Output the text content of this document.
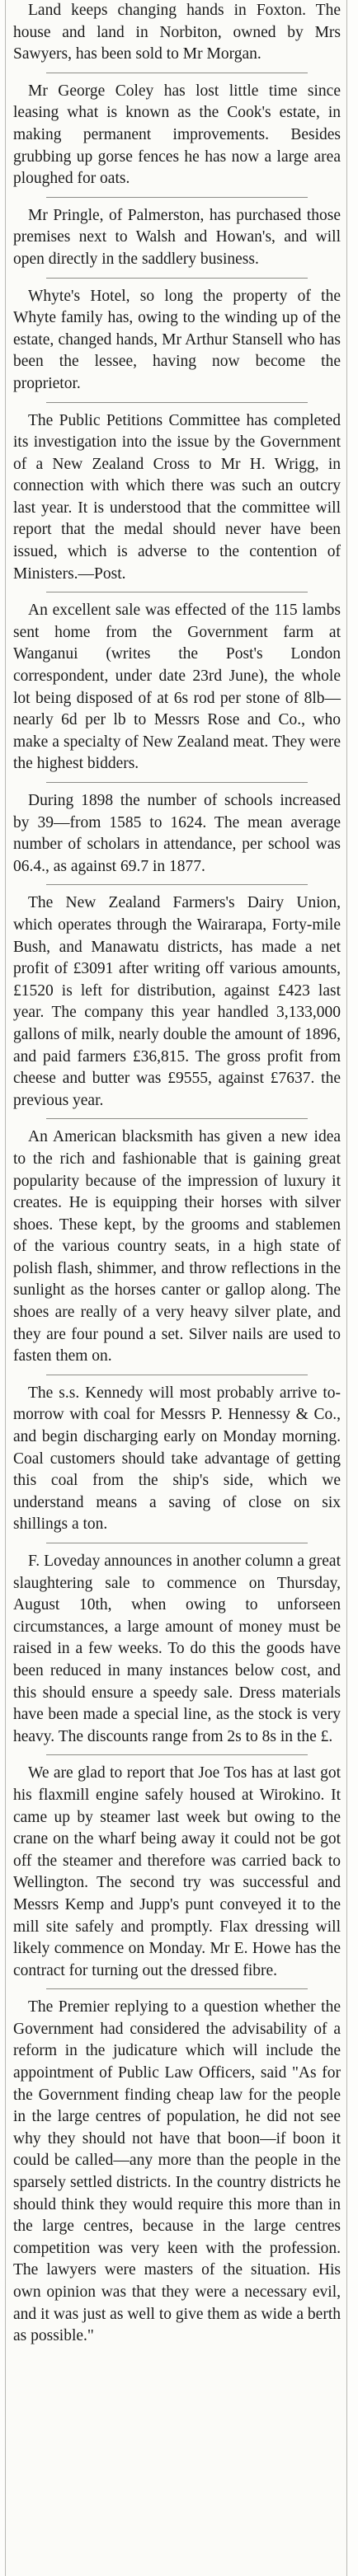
Land keeps changing hands in Foxton. The house and land in Norbiton, owned by Mrs Sawyers, has been sold to Mr Morgan.

Mr George Coley has lost little time since leasing what is known as the Cook's estate, in making permanent improvements. Besides grubbing up gorse fences he has now a large area ploughed for oats.

Mr Pringle, of Palmerston, has purchased those premises next to Walsh and Howan's, and will open directly in the saddlery business.

Whyte's Hotel, so long the property of the Whyte family has, owing to the winding up of the estate, changed hands, Mr Arthur Stansell who has been the lessee, having now become the proprietor.

The Public Petitions Committee has completed its investigation into the issue by the Government of a New Zealand Cross to Mr H. Wrigg, in connection with which there was such an outcry last year. It is understood that the committee will report that the medal should never have been issued, which is adverse to the contention of Ministers.—Post.

An excellent sale was effected of the 115 lambs sent home from the Government farm at Wanganui (writes the Post's London correspondent, under date 23rd June), the whole lot being disposed of at 6s rod per stone of 8lb—nearly 6d per lb to Messrs Rose and Co., who make a specialty of New Zealand meat. They were the highest bidders.

During 1898 the number of schools increased by 39—from 1585 to 1624. The mean average number of scholars in attendance, per school was 06.4., as against 69.7 in 1877.

The New Zealand Farmers's Dairy Union, which operates through the Wairarapa, Forty-mile Bush, and Manawatu districts, has made a net profit of £3091 after writing off various amounts, £1520 is left for distribution, against £423 last year. The company this year handled 3,133,000 gallons of milk, nearly double the amount of 1896, and paid farmers £36,815. The gross profit from cheese and butter was £9555, against £7637. the previous year.

An American blacksmith has given a new idea to the rich and fashionable that is gaining great popularity because of the impression of luxury it creates. He is equipping their horses with silver shoes. These kept, by the grooms and stablemen of the various country seats, in a high state of polish flash, shimmer, and throw reflections in the sunlight as the horses canter or gallop along. The shoes are really of a very heavy silver plate, and they are four pound a set. Silver nails are used to fasten them on.

The s.s. Kennedy will most probably arrive to-morrow with coal for Messrs P. Hennessy & Co., and begin discharging early on Monday morning. Coal customers should take advantage of getting this coal from the ship's side, which we understand means a saving of close on six shillings a ton.

F. Loveday announces in another column a great slaughtering sale to commence on Thursday, August 10th, when owing to unforseen circumstances, a large amount of money must be raised in a few weeks. To do this the goods have been reduced in many instances below cost, and this should ensure a speedy sale. Dress materials have been made a special line, as the stock is very heavy. The discounts range from 2s to 8s in the £.

We are glad to report that Joe Tos has at last got his flaxmill engine safely housed at Wirokino. It came up by steamer last week but owing to the crane on the wharf being away it could not be got off the steamer and therefore was carried back to Wellington. The second try was successful and Messrs Kemp and Jupp's punt conveyed it to the mill site safely and promptly. Flax dressing will likely commence on Monday. Mr E. Howe has the contract for turning out the dressed fibre.

The Premier replying to a question whether the Government had considered the advisability of a reform in the judicature which will include the appointment of Public Law Officers, said "As for the Government finding cheap law for the people in the large centres of population, he did not see why they should not have that boon—if boon it could be called—any more than the people in the sparsely settled districts. In the country districts he should think they would require this more than in the large centres, because in the large centres competition was very keen with the profession. The lawyers were masters of the situation. His own opinion was that they were a necessary evil, and it was just as well to give them as wide a berth as possible."
